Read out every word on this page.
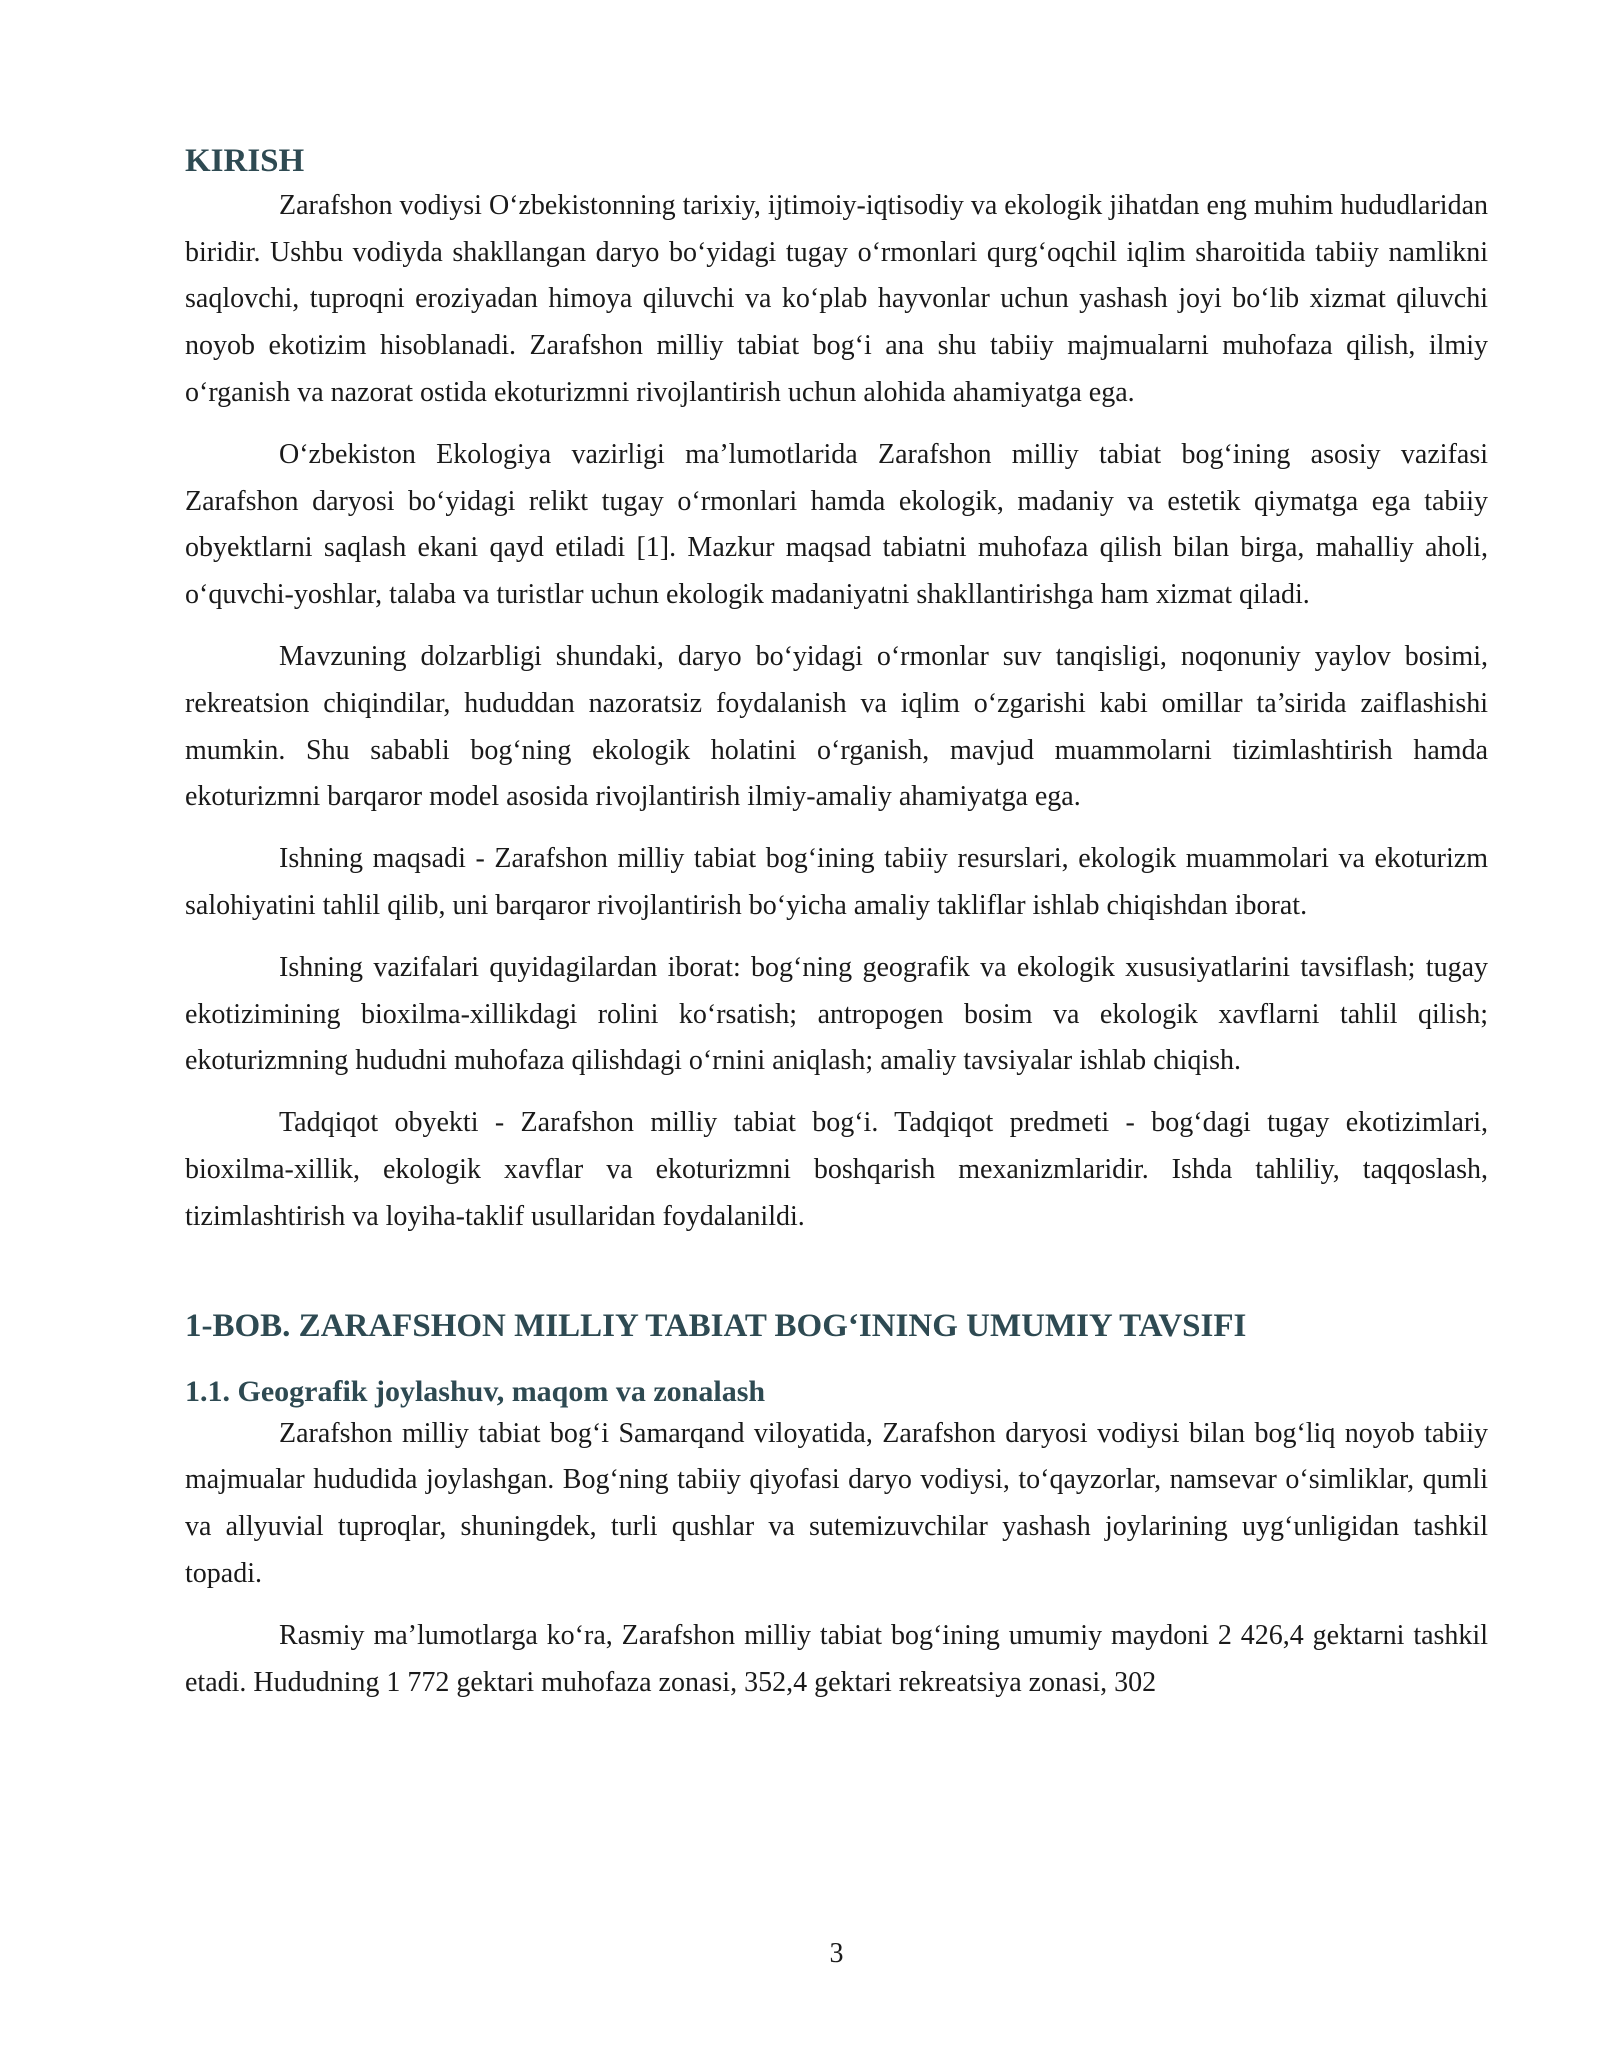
KIRISH

Zarafshon vodiysi O‘zbekistonning tarixiy, ijtimoiy-iqtisodiy va ekologik jihatdan eng muhim hududlaridan biridir. Ushbu vodiyda shakllangan daryo bo‘yidagi tugay o‘rmonlari qurg‘oqchil iqlim sharoitida tabiiy namlikni saqlovchi, tuproqni eroziyadan himoya qiluvchi va ko‘plab hayvonlar uchun yashash joyi bo‘lib xizmat qiluvchi noyob ekotizim hisoblanadi. Zarafshon milliy tabiat bog‘i ana shu tabiiy majmualarni muhofaza qilish, ilmiy o‘rganish va nazorat ostida ekoturizmni rivojlantirish uchun alohida ahamiyatga ega.

O‘zbekiston Ekologiya vazirligi ma’lumotlarida Zarafshon milliy tabiat bog‘ining asosiy vazifasi Zarafshon daryosi bo‘yidagi relikt tugay o‘rmonlari hamda ekologik, madaniy va estetik qiymatga ega tabiiy obyektlarni saqlash ekani qayd etiladi [1]. Mazkur maqsad tabiatni muhofaza qilish bilan birga, mahalliy aholi, o‘quvchi-yoshlar, talaba va turistlar uchun ekologik madaniyatni shakllantirishga ham xizmat qiladi.

Mavzuning dolzarbligi shundaki, daryo bo‘yidagi o‘rmonlar suv tanqisligi, noqonuniy yaylov bosimi, rekreatsion chiqindilar, hududdan nazoratsiz foydalanish va iqlim o‘zgarishi kabi omillar ta’sirida zaiflashishi mumkin. Shu sababli bog‘ning ekologik holatini o‘rganish, mavjud muammolarni tizimlashtirish hamda ekoturizmni barqaror model asosida rivojlantirish ilmiy-amaliy ahamiyatga ega.

Ishning maqsadi - Zarafshon milliy tabiat bog‘ining tabiiy resurslari, ekologik muammolari va ekoturizm salohiyatini tahlil qilib, uni barqaror rivojlantirish bo‘yicha amaliy takliflar ishlab chiqishdan iborat.

Ishning vazifalari quyidagilardan iborat: bog‘ning geografik va ekologik xususiyatlarini tavsiflash; tugay ekotizimining bioxilma-xillikdagi rolini ko‘rsatish; antropogen bosim va ekologik xavflarni tahlil qilish; ekoturizmning hududni muhofaza qilishdagi o‘rnini aniqlash; amaliy tavsiyalar ishlab chiqish.

Tadqiqot obyekti - Zarafshon milliy tabiat bog‘i. Tadqiqot predmeti - bog‘dagi tugay ekotizimlari, bioxilma-xillik, ekologik xavflar va ekoturizmni boshqarish mexanizmlaridir. Ishda tahliliy, taqqoslash, tizimlashtirish va loyiha-taklif usullaridan foydalanildi.

1-BOB. ZARAFSHON MILLIY TABIAT BOG‘INING UMUMIY TAVSIFI
1.1. Geografik joylashuv, maqom va zonalash

Zarafshon milliy tabiat bog‘i Samarqand viloyatida, Zarafshon daryosi vodiysi bilan bog‘liq noyob tabiiy majmualar hududida joylashgan. Bog‘ning tabiiy qiyofasi daryo vodiysi, to‘qayzorlar, namsevar o‘simliklar, qumli va allyuvial tuproqlar, shuningdek, turli qushlar va sutemizuvchilar yashash joylarining uyg‘unligidan tashkil topadi.

Rasmiy ma’lumotlarga ko‘ra, Zarafshon milliy tabiat bog‘ining umumiy maydoni 2 426,4 gektarni tashkil etadi. Hududning 1 772 gektari muhofaza zonasi, 352,4 gektari rekreatsiya zonasi, 302

3
